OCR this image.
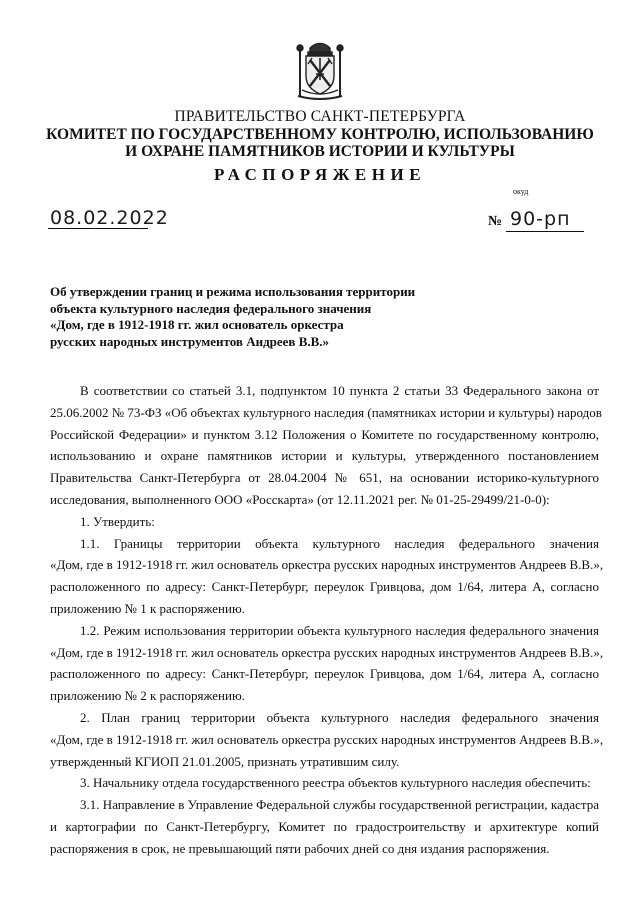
ПРАВИТЕЛЬСТВО САНКТ-ПЕТЕРБУРГА
КОМИТЕТ ПО ГОСУДАРСТВЕННОМУ КОНТРОЛЮ, ИСПОЛЬЗОВАНИЮ
И ОХРАНЕ ПАМЯТНИКОВ ИСТОРИИ И КУЛЬТУРЫ
РАСПОРЯЖЕНИЕ
окуд
08.02.2022	№ 90-рп
Об утверждении границ и режима использования территории
объекта культурного наследия федерального значения
«Дом, где в 1912-1918 гг. жил основатель оркестра
русских народных инструментов Андреев В.В.»
В соответствии со статьей 3.1, подпунктом 10 пункта 2 статьи 33 Федерального закона от
25.06.2002 № 73-ФЗ «Об объектах культурного наследия (памятниках истории и культуры) народов
Российской Федерации» и пунктом 3.12 Положения о Комитете по государственному контролю,
использованию и охране памятников истории и культуры, утвержденного постановлением
Правительства Санкт-Петербурга от 28.04.2004 № 651, на основании историко-культурного
исследования, выполненного ООО «Росскарта» (от 12.11.2021 рег. № 01-25-29499/21-0-0):
1. Утвердить:
1.1. Границы территории объекта культурного наследия федерального значения
«Дом, где в 1912-1918 гг. жил основатель оркестра русских народных инструментов Андреев В.В.»,
расположенного по адресу: Санкт-Петербург, переулок Гривцова, дом 1/64, литера А, согласно
приложению № 1 к распоряжению.
1.2. Режим использования территории объекта культурного наследия федерального значения
«Дом, где в 1912-1918 гг. жил основатель оркестра русских народных инструментов Андреев В.В.»,
расположенного по адресу: Санкт-Петербург, переулок Гривцова, дом 1/64, литера А, согласно
приложению № 2 к распоряжению.
2. План границ территории объекта культурного наследия федерального значения
«Дом, где в 1912-1918 гг. жил основатель оркестра русских народных инструментов Андреев В.В.»,
утвержденный КГИОП 21.01.2005, признать утратившим силу.
3. Начальнику отдела государственного реестра объектов культурного наследия обеспечить:
3.1. Направление в Управление Федеральной службы государственной регистрации, кадастра
и картографии по Санкт-Петербургу, Комитет по градостроительству и архитектуре копий
распоряжения в срок, не превышающий пяти рабочих дней со дня издания распоряжения.
